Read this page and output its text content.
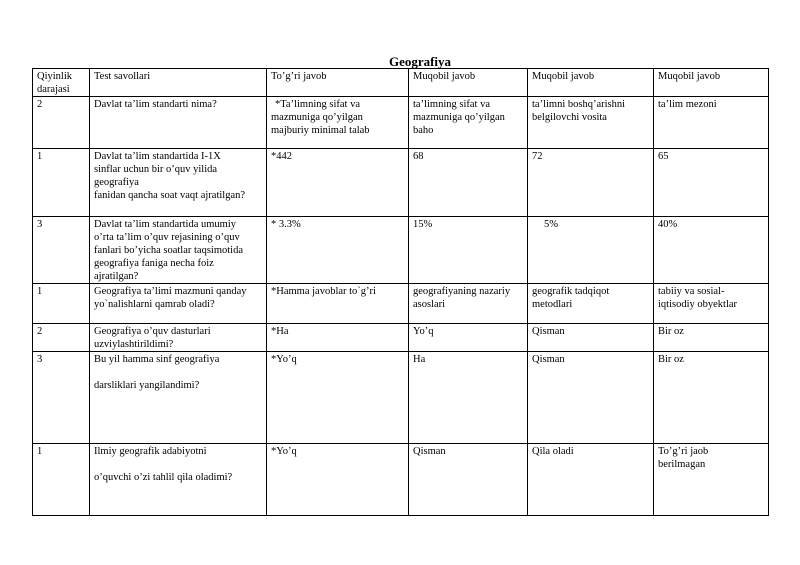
Geografiya
Qiyinlik darajasi	Test savollari	To’g’ri javob	Muqobil javob	Muqobil javob	Muqobil javob

2	Davlat ta’lim standarti nima?	*Ta’limning sifat va
mazmuniga qo’yilgan
majburiy minimal talab	ta’limning sifat va
mazmuniga qo’yilgan
baho	ta’limni boshq’arishni
belgilovchi vosita	ta’lim mezoni

1	Davlat ta’lim standartida I-1X
sinflar uchun bir o’quv yilida
geografiya
fanidan qancha soat vaqt ajratilgan?	*442	68	72	65

3	Davlat ta’lim standartida umumiy
o’rta ta’lim o’quv rejasining o’quv
fanlari bo’yicha soatlar taqsimotida
geografiya faniga necha foiz
ajratilgan?	* 3.3%	15%	5%	40%

1	Geografiya ta’limi mazmuni qanday
yo`nalishlarni qamrab oladi?	*Hamma javoblar to`g’ri	geografiyaning nazariy
asoslari	geografik tadqiqot
metodlari	tabiiy va sosial-
iqtisodiy obyektlar

2	Geografiya o’quv dasturlari
uzviylashtirildimi?	*Ha	Yo’q	Qisman	Bir oz

3	Bu yil hamma sinf geografiya
darsliklari yangilandimi?	*Yo’q	Ha	Qisman	Bir oz

1	Ilmiy geografik adabiyotni
o’quvchi o’zi tahlil qila oladimi?	*Yo’q	Qisman	Qila oladi	To’g’ri jaob
berilmagan
